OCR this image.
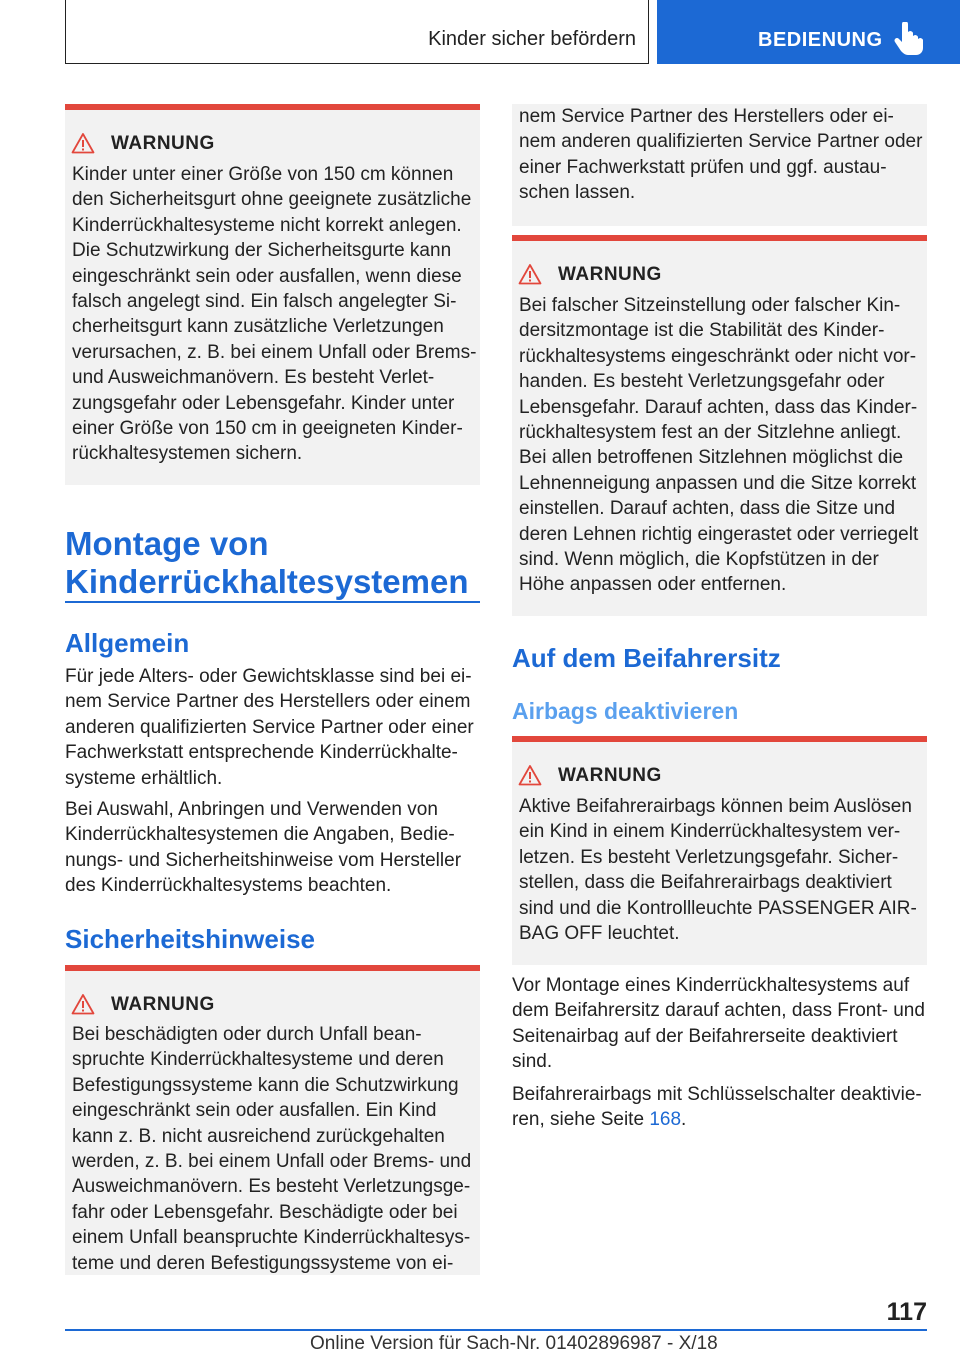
Kinder sicher befördern	BEDIENUNG
WARNUNG
Kinder unter einer Größe von 150 cm können
den Sicherheitsgurt ohne geeignete zusätzliche
Kinderrückhaltesysteme nicht korrekt anlegen.
Die Schutzwirkung der Sicherheitsgurte kann
eingeschränkt sein oder ausfallen, wenn diese
falsch angelegt sind. Ein falsch angelegter Si-
cherheitsgurt kann zusätzliche Verletzungen
verursachen, z. B. bei einem Unfall oder Brems-
und Ausweichmanövern. Es besteht Verlet-
zungsgefahr oder Lebensgefahr. Kinder unter
einer Größe von 150 cm in geeigneten Kinder-
rückhaltesystemen sichern.
Montage von
Kinderrückhaltesystemen
Allgemein
Für jede Alters- oder Gewichtsklasse sind bei ei-
nem Service Partner des Herstellers oder einem
anderen qualifizierten Service Partner oder einer
Fachwerkstatt entsprechende Kinderrückhalte-
systeme erhältlich.
Bei Auswahl, Anbringen und Verwenden von
Kinderrückhaltesystemen die Angaben, Bedie-
nungs- und Sicherheitshinweise vom Hersteller
des Kinderrückhaltesystems beachten.
Sicherheitshinweise
WARNUNG
Bei beschädigten oder durch Unfall bean-
spruchte Kinderrückhaltesysteme und deren
Befestigungssysteme kann die Schutzwirkung
eingeschränkt sein oder ausfallen. Ein Kind
kann z. B. nicht ausreichend zurückgehalten
werden, z. B. bei einem Unfall oder Brems- und
Ausweichmanövern. Es besteht Verletzungsge-
fahr oder Lebensgefahr. Beschädigte oder bei
einem Unfall beanspruchte Kinderrückhaltesys-
teme und deren Befestigungssysteme von ei-
nem Service Partner des Herstellers oder ei-
nem anderen qualifizierten Service Partner oder
einer Fachwerkstatt prüfen und ggf. austau-
schen lassen.
WARNUNG
Bei falscher Sitzeinstellung oder falscher Kin-
dersitzmontage ist die Stabilität des Kinder-
rückhaltesystems eingeschränkt oder nicht vor-
handen. Es besteht Verletzungsgefahr oder
Lebensgefahr. Darauf achten, dass das Kinder-
rückhaltesystem fest an der Sitzlehne anliegt.
Bei allen betroffenen Sitzlehnen möglichst die
Lehnenneigung anpassen und die Sitze korrekt
einstellen. Darauf achten, dass die Sitze und
deren Lehnen richtig eingerastet oder verriegelt
sind. Wenn möglich, die Kopfstützen in der
Höhe anpassen oder entfernen.
Auf dem Beifahrersitz
Airbags deaktivieren
WARNUNG
Aktive Beifahrerairbags können beim Auslösen
ein Kind in einem Kinderrückhaltesystem ver-
letzen. Es besteht Verletzungsgefahr. Sicher-
stellen, dass die Beifahrerairbags deaktiviert
sind und die Kontrollleuchte PASSENGER AIR-
BAG OFF leuchtet.
Vor Montage eines Kinderrückhaltesystems auf
dem Beifahrersitz darauf achten, dass Front- und
Seitenairbag auf der Beifahrerseite deaktiviert
sind.
Beifahrerairbags mit Schlüsselschalter deaktivie-
ren, siehe Seite 168.
117
Online Version für Sach-Nr. 01402896987 - X/18
